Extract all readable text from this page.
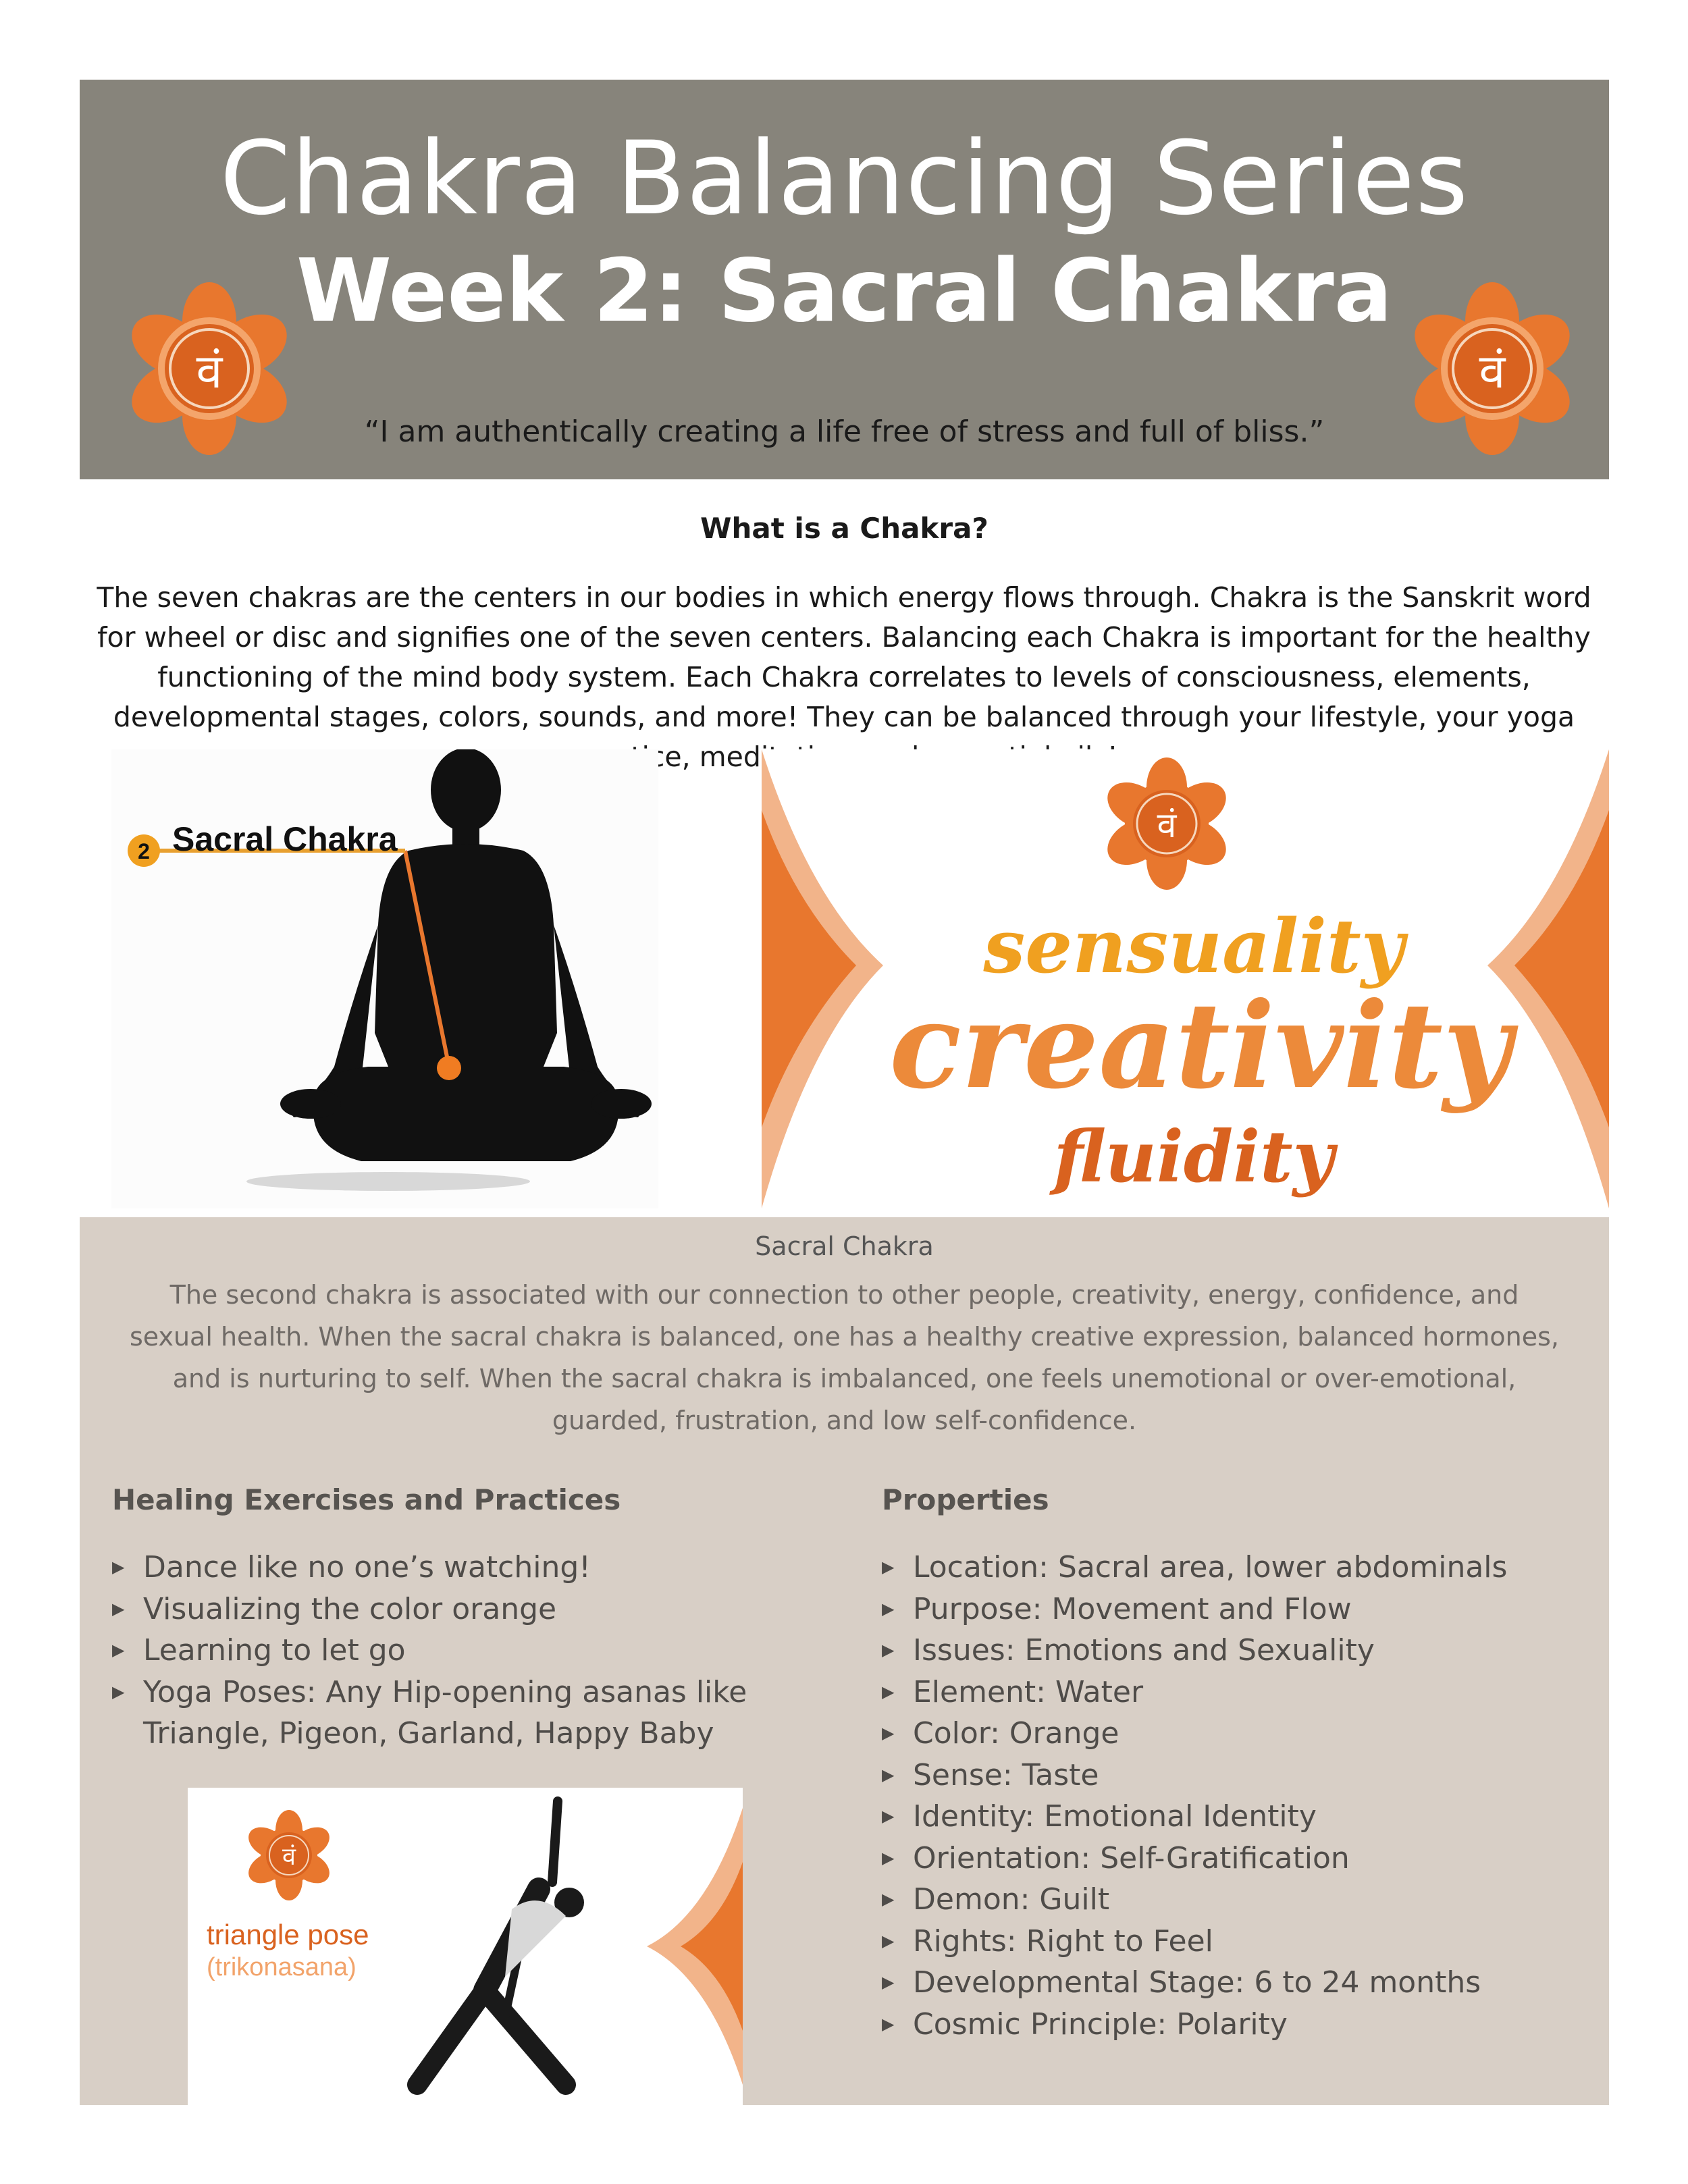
Chakra Balancing Series
Week 2: Sacral Chakra
“I am authentically creating a life free of stress and full of bliss.”
वं	वं
What is a Chakra?
The seven chakras are the centers in our bodies in which energy flows through. Chakra is the Sanskrit word for wheel or disc and signifies one of the seven centers. Balancing each Chakra is important for the healthy functioning of the mind body system. Each Chakra correlates to levels of consciousness, elements, developmental stages, colors, sounds, and more! They can be balanced through your lifestyle, your yoga
2 Sacral Chakra	वं
sensuality
creativity
fluidity
Sacral Chakra
The second chakra is associated with our connection to other people, creativity, energy, confidence, and sexual health. When the sacral chakra is balanced, one has a healthy creative expression, balanced hormones, and is nurturing to self. When the sacral chakra is imbalanced, one feels unemotional or over-emotional, guarded, frustration, and low self-confidence.
Healing Exercises and Practices	Properties
▶ Dance like no one’s watching!
▶ Visualizing the color orange
▶ Learning to let go
▶ Yoga Poses: Any Hip-opening asanas like Triangle, Pigeon, Garland, Happy Baby
▶ Location: Sacral area, lower abdominals
▶ Purpose: Movement and Flow
▶ Issues: Emotions and Sexuality
▶ Element: Water
▶ Color: Orange
▶ Sense: Taste
▶ Identity: Emotional Identity
▶ Orientation: Self-Gratification
▶ Demon: Guilt
▶ Rights: Right to Feel
▶ Developmental Stage: 6 to 24 months
▶ Cosmic Principle: Polarity
वं
triangle pose
(trikonasana)
